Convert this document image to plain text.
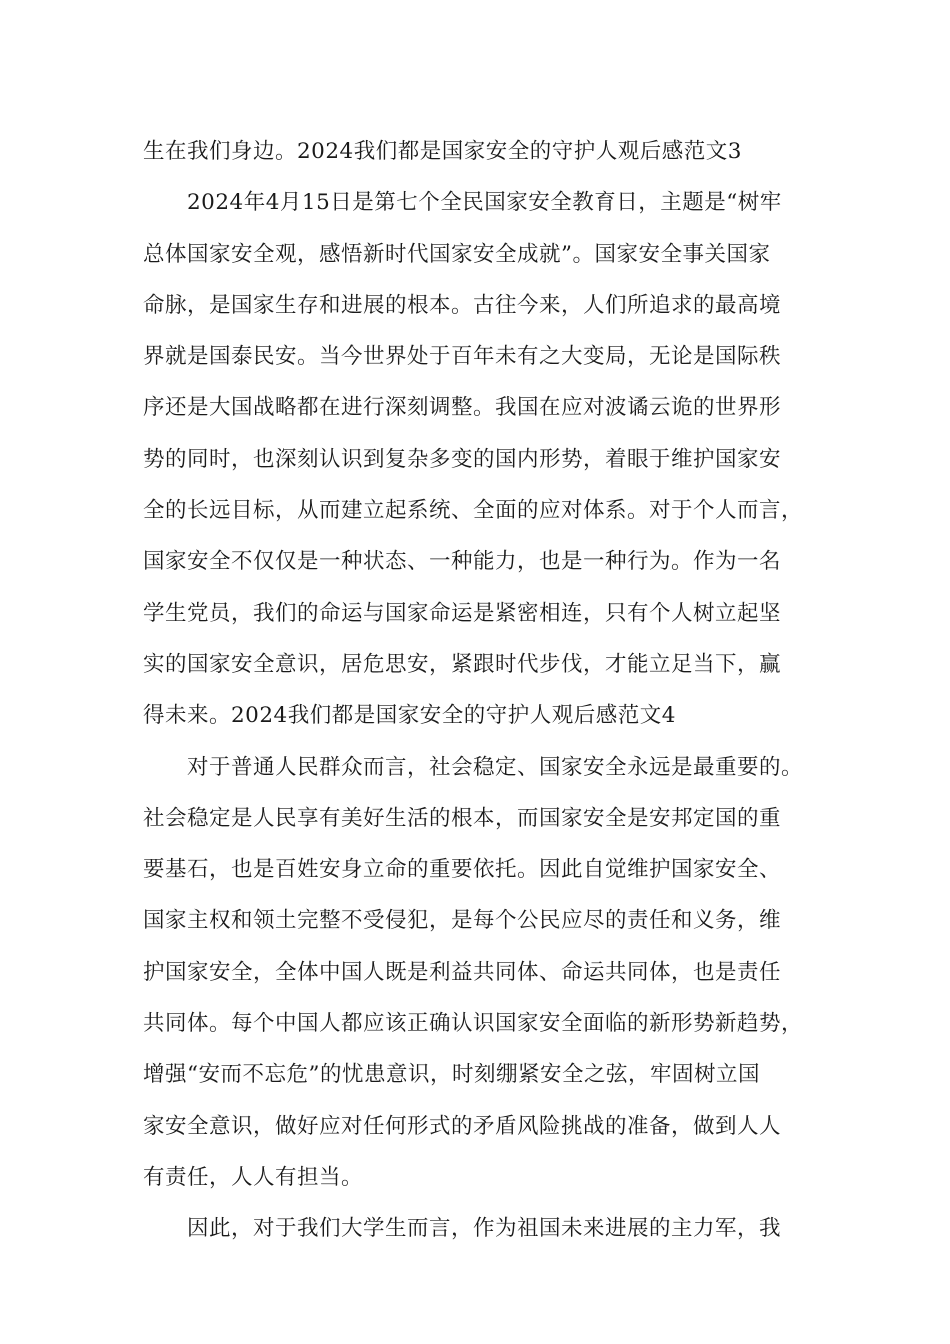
生在我们身边。2024我们都是国家安全的守护人观后感范文3
2024年4月15日是第七个全民国家安全教育日，主题是“树牢
总体国家安全观，感悟新时代国家安全成就”。国家安全事关国家
命脉，是国家生存和进展的根本。古往今来，人们所追求的最高境
界就是国泰民安。当今世界处于百年未有之大变局，无论是国际秩
序还是大国战略都在进行深刻调整。我国在应对波谲云诡的世界形
势的同时，也深刻认识到复杂多变的国内形势，着眼于维护国家安
全的长远目标，从而建立起系统、全面的应对体系。对于个人而言，
国家安全不仅仅是一种状态、一种能力，也是一种行为。作为一名
学生党员，我们的命运与国家命运是紧密相连，只有个人树立起坚
实的国家安全意识，居危思安，紧跟时代步伐，才能立足当下，赢
得未来。2024我们都是国家安全的守护人观后感范文4
对于普通人民群众而言，社会稳定、国家安全永远是最重要的。
社会稳定是人民享有美好生活的根本，而国家安全是安邦定国的重
要基石，也是百姓安身立命的重要依托。因此自觉维护国家安全、
国家主权和领土完整不受侵犯，是每个公民应尽的责任和义务，维
护国家安全，全体中国人既是利益共同体、命运共同体，也是责任
共同体。每个中国人都应该正确认识国家安全面临的新形势新趋势，
增强“安而不忘危”的忧患意识，时刻绷紧安全之弦，牢固树立国
家安全意识，做好应对任何形式的矛盾风险挑战的准备，做到人人
有责任，人人有担当。
因此，对于我们大学生而言，作为祖国未来进展的主力军，我
